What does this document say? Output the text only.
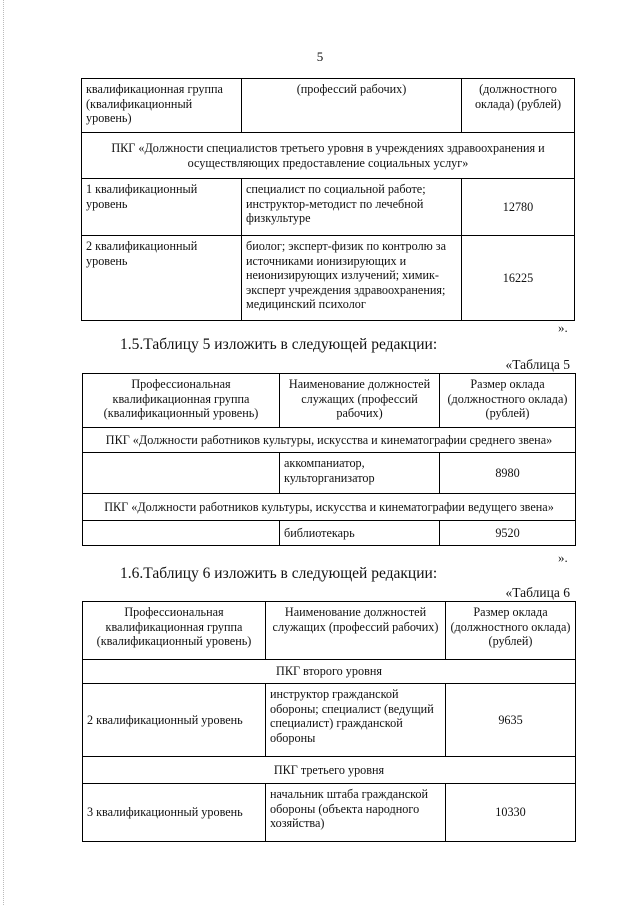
5
квалификационная группа (квалификационный уровень)	(профессий рабочих)	(должностного оклада) (рублей)
ПКГ «Должности специалистов третьего уровня в учреждениях здравоохранения и осуществляющих предоставление социальных услуг»		
1 квалификационный уровень	специалист по социальной работе; инструктор-методист по лечебной физкультуре	12780
2 квалификационный уровень	биолог; эксперт-физик по контролю за источниками ионизирующих и неионизирующих излучений; химик-эксперт учреждения здравоохранения; медицинский психолог	16225
».
1.5.Таблицу 5 изложить в следующей редакции:
«Таблица 5
Профессиональная квалификационная группа (квалификационный уровень)	Наименование должностей служащих (профессий рабочих)	Размер оклада (должностного оклада) (рублей)
ПКГ «Должности работников культуры, искусства и кинематографии среднего звена»		
	аккомпаниатор, культорганизатор	8980
ПКГ «Должности работников культуры, искусства и кинематографии ведущего звена»		
	библиотекарь	9520
».
1.6.Таблицу 6 изложить в следующей редакции:
«Таблица 6
Профессиональная квалификационная группа (квалификационный уровень)	Наименование должностей служащих (профессий рабочих)	Размер оклада (должностного оклада) (рублей)
ПКГ второго уровня		
2 квалификационный уровень	инструктор гражданской обороны; специалист (ведущий специалист) гражданской обороны	9635
ПКГ третьего уровня		
3 квалификационный уровень	начальник штаба гражданской обороны (объекта народного хозяйства)	10330
